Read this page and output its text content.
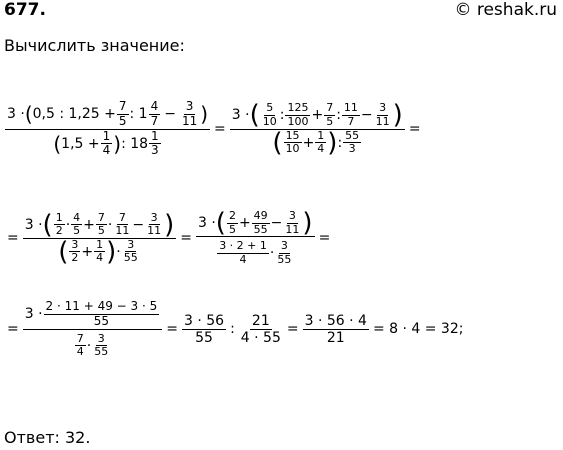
677.	© reshak.ru
Вычислить значение:
3 · ( 0,5 : $1,25 + \frac{7}{5}$ : $1 \frac{4}{7} - \frac{3}{11}$ )
( $1,5 + \frac{1}{4}$ ) : $18 \frac{1}{3}$
=
3 · ( $\frac{5}{10}$ : $\frac{125}{100} + \frac{7}{5}$ : $\frac{11}{7} - \frac{3}{11}$ )
( $\frac{15}{10} + \frac{1}{4}$ ) : $\frac{55}{3}$
=
=
3 · ( $\frac{1}{2} \cdot \frac{4}{5} + \frac{7}{5} \cdot \frac{7}{11} - \frac{3}{11}$ )
( $\frac{3}{2} + \frac{1}{4}$ ) · $\frac{3}{55}$
=
3 · ( $\frac{2}{5} + \frac{49}{55} - \frac{3}{11}$ )
$\frac{3 \cdot 2 + 1}{4} \cdot \frac{3}{55}$
=
= $\frac{3 \cdot \frac{2 \cdot 11 + 49 - 3 \cdot 5}{55}}{\frac{7}{4} \cdot \frac{3}{55}} = \frac{3 \cdot 56}{55}$ : $\frac{21}{4 \cdot 55} = \frac{3 \cdot 56 \cdot 4}{21} = 8 \cdot 4 = 32$;
Ответ: 32.
